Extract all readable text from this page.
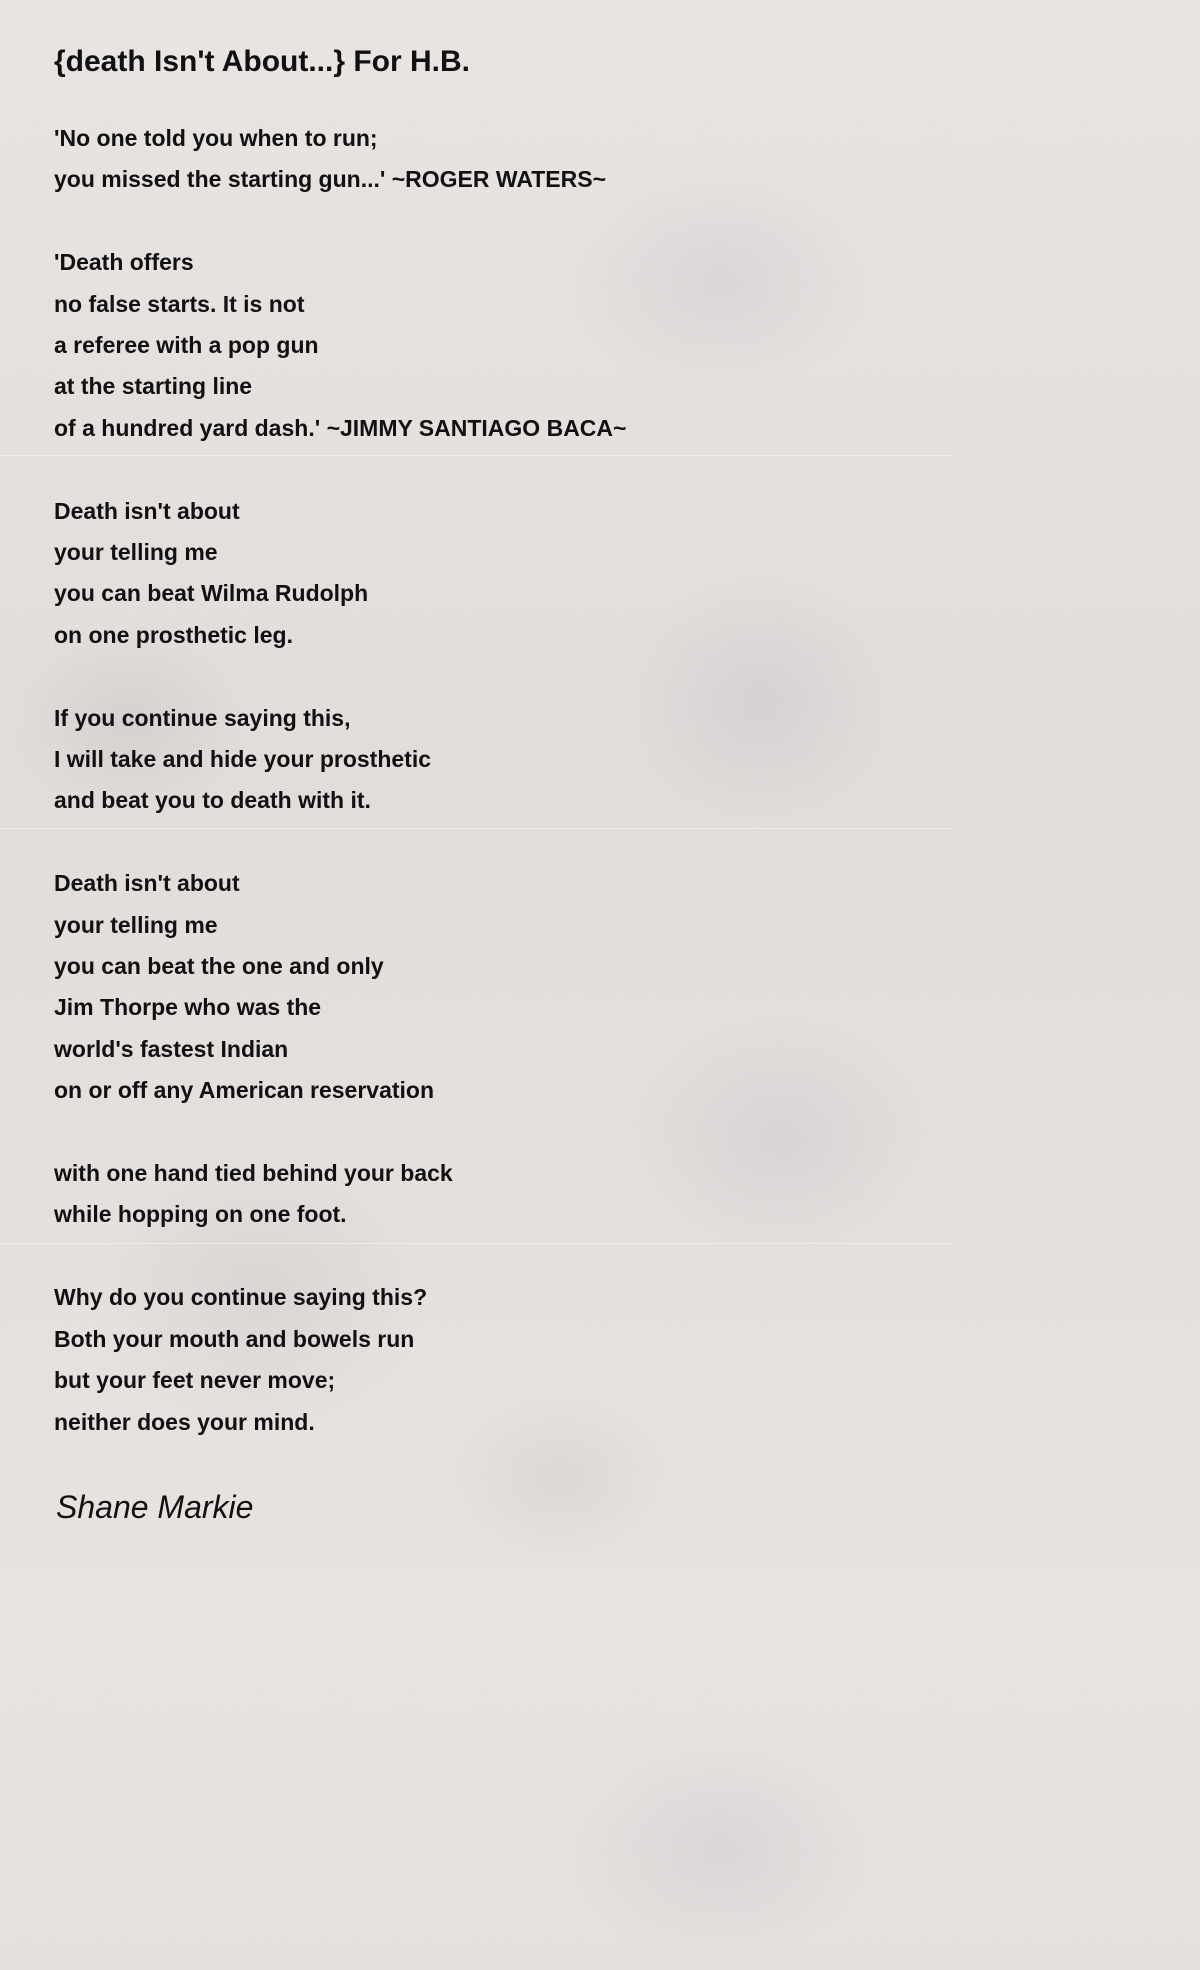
{death Isn't About...} For H.B.

'No one told you when to run;
you missed the starting gun...' ~ROGER WATERS~

'Death offers
no false starts. It is not
a referee with a pop gun
at the starting line
of a hundred yard dash.' ~JIMMY SANTIAGO BACA~

Death isn't about
your telling me
you can beat Wilma Rudolph
on one prosthetic leg.

If you continue saying this,
I will take and hide your prosthetic
and beat you to death with it.

Death isn't about
your telling me
you can beat the one and only
Jim Thorpe who was the
world's fastest Indian
on or off any American reservation

with one hand tied behind your back
while hopping on one foot.

Why do you continue saying this?
Both your mouth and bowels run
but your feet never move;
neither does your mind.

Shane Markie
